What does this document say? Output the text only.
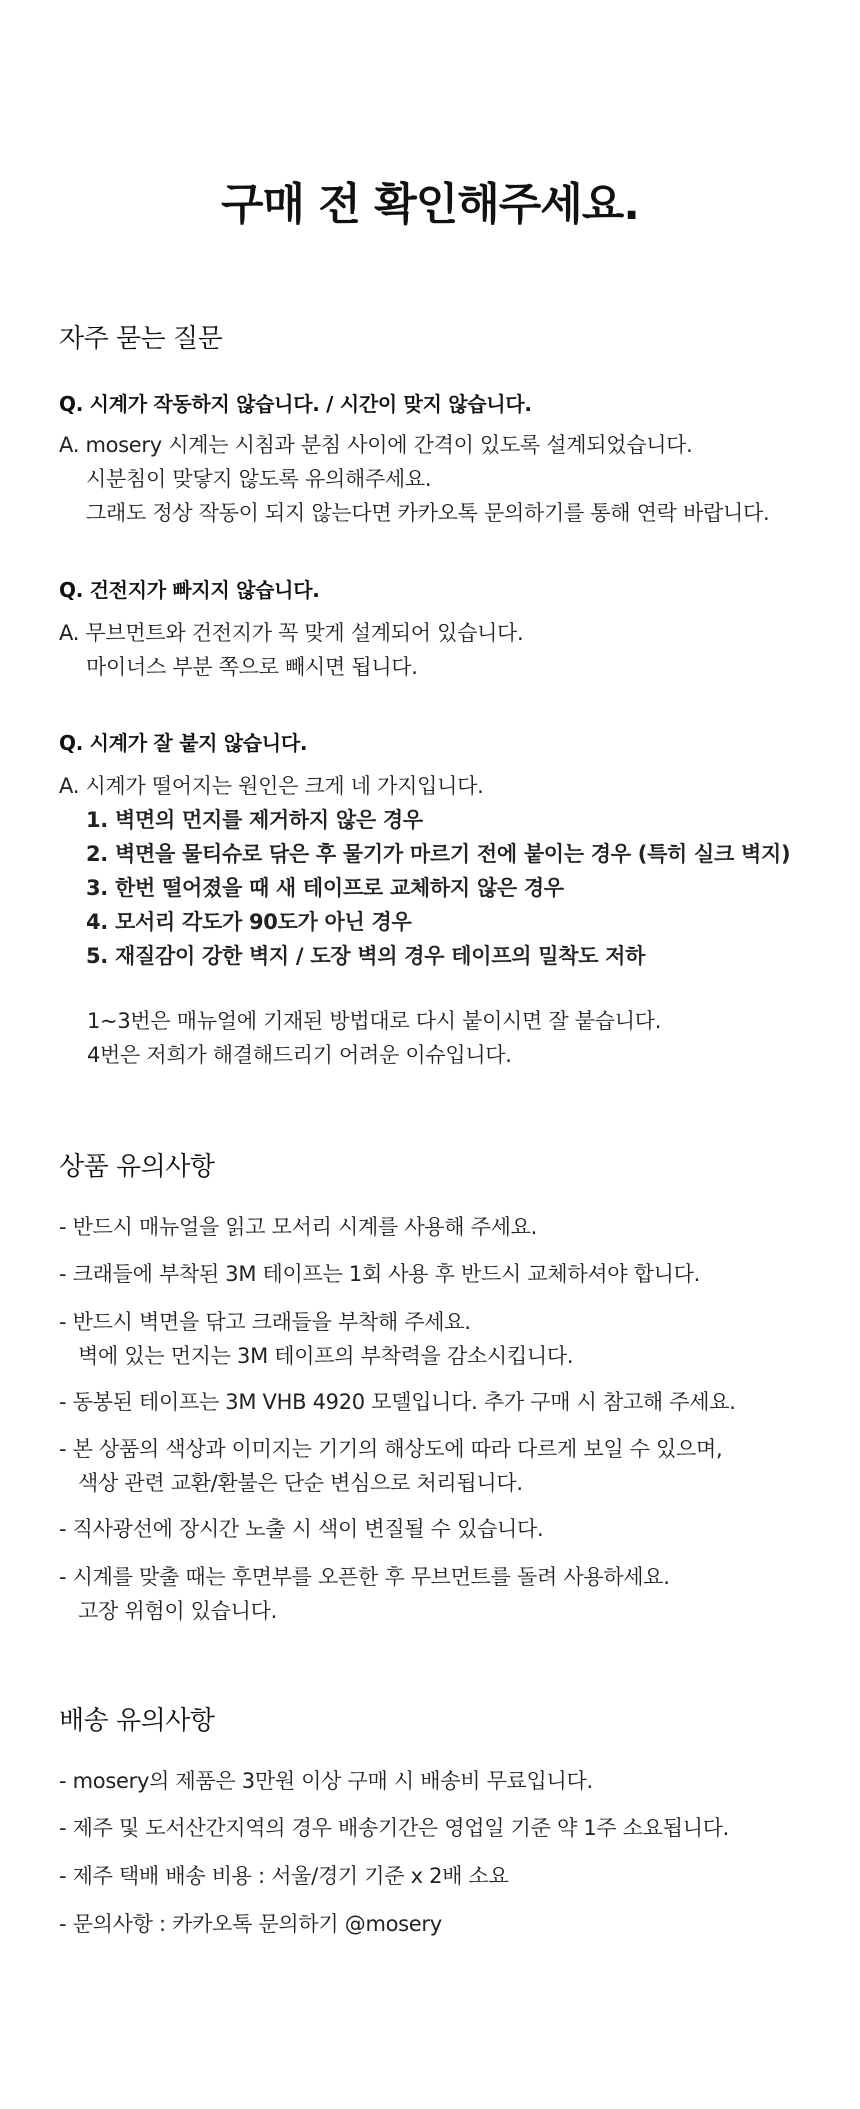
구매 전 확인해주세요.
자주 묻는 질문
Q. 시계가 작동하지 않습니다. / 시간이 맞지 않습니다.
A. mosery 시계는 시침과 분침 사이에 간격이 있도록 설계되었습니다.
시분침이 맞닿지 않도록 유의해주세요.
그래도 정상 작동이 되지 않는다면 카카오톡 문의하기를 통해 연락 바랍니다.
Q. 건전지가 빠지지 않습니다.
A. 무브먼트와 건전지가 꼭 맞게 설계되어 있습니다.
마이너스 부분 쪽으로 빼시면 됩니다.
Q. 시계가 잘 붙지 않습니다.
A. 시계가 떨어지는 원인은 크게 네 가지입니다.
1. 벽면의 먼지를 제거하지 않은 경우
2. 벽면을 물티슈로 닦은 후 물기가 마르기 전에 붙이는 경우 (특히 실크 벽지)
3. 한번 떨어졌을 때 새 테이프로 교체하지 않은 경우
4. 모서리 각도가 90도가 아닌 경우
5. 재질감이 강한 벽지 / 도장 벽의 경우 테이프의 밀착도 저하
1~3번은 매뉴얼에 기재된 방법대로 다시 붙이시면 잘 붙습니다.
4번은 저희가 해결해드리기 어려운 이슈입니다.
상품 유의사항
- 반드시 매뉴얼을 읽고 모서리 시계를 사용해 주세요.
- 크래들에 부착된 3M 테이프는 1회 사용 후 반드시 교체하셔야 합니다.
- 반드시 벽면을 닦고 크래들을 부착해 주세요.
벽에 있는 먼지는 3M 테이프의 부착력을 감소시킵니다.
- 동봉된 테이프는 3M VHB 4920 모델입니다. 추가 구매 시 참고해 주세요.
- 본 상품의 색상과 이미지는 기기의 해상도에 따라 다르게 보일 수 있으며,
색상 관련 교환/환불은 단순 변심으로 처리됩니다.
- 직사광선에 장시간 노출 시 색이 변질될 수 있습니다.
- 시계를 맞출 때는 후면부를 오픈한 후 무브먼트를 돌려 사용하세요.
고장 위험이 있습니다.
배송 유의사항
- mosery의 제품은 3만원 이상 구매 시 배송비 무료입니다.
- 제주 및 도서산간지역의 경우 배송기간은 영업일 기준 약 1주 소요됩니다.
- 제주 택배 배송 비용 : 서울/경기 기준 x 2배 소요
- 문의사항 : 카카오톡 문의하기 @mosery
